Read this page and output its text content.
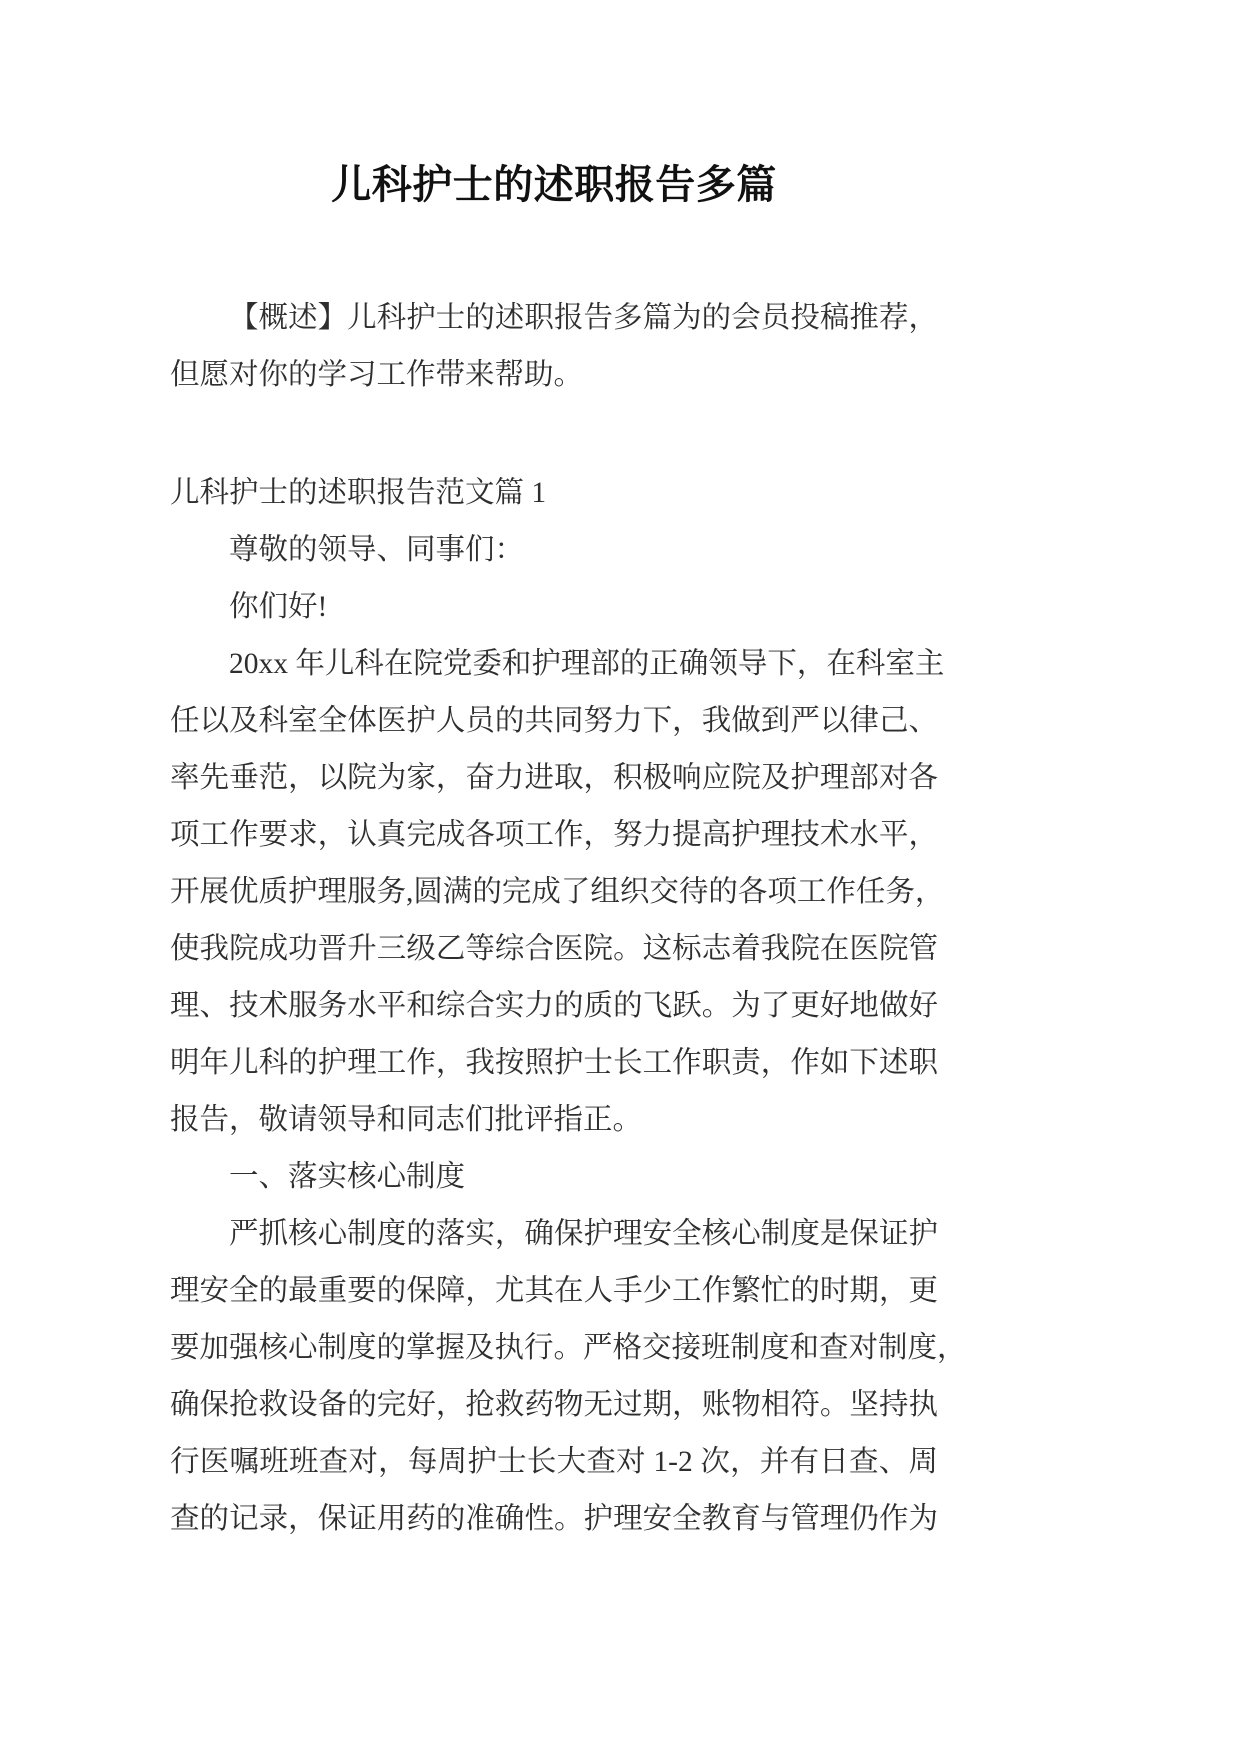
儿科护士的述职报告多篇
【概述】儿科护士的述职报告多篇为的会员投稿推荐，
但愿对你的学习工作带来帮助。
儿科护士的述职报告范文篇 1
尊敬的领导、同事们：
你们好!
20xx 年儿科在院党委和护理部的正确领导下，在科室主
任以及科室全体医护人员的共同努力下，我做到严以律己、
率先垂范，以院为家，奋力进取，积极响应院及护理部对各
项工作要求，认真完成各项工作，努力提高护理技术水平，
开展优质护理服务,圆满的完成了组织交待的各项工作任务，
使我院成功晋升三级乙等综合医院。这标志着我院在医院管
理、技术服务水平和综合实力的质的飞跃。为了更好地做好
明年儿科的护理工作，我按照护士长工作职责，作如下述职
报告，敬请领导和同志们批评指正。
一、落实核心制度
严抓核心制度的落实，确保护理安全核心制度是保证护
理安全的最重要的保障，尤其在人手少工作繁忙的时期，更
要加强核心制度的掌握及执行。严格交接班制度和查对制度，
确保抢救设备的完好，抢救药物无过期，账物相符。坚持执
行医嘱班班查对，每周护士长大查对 1-2 次，并有日查、周
查的记录，保证用药的准确性。护理安全教育与管理仍作为
